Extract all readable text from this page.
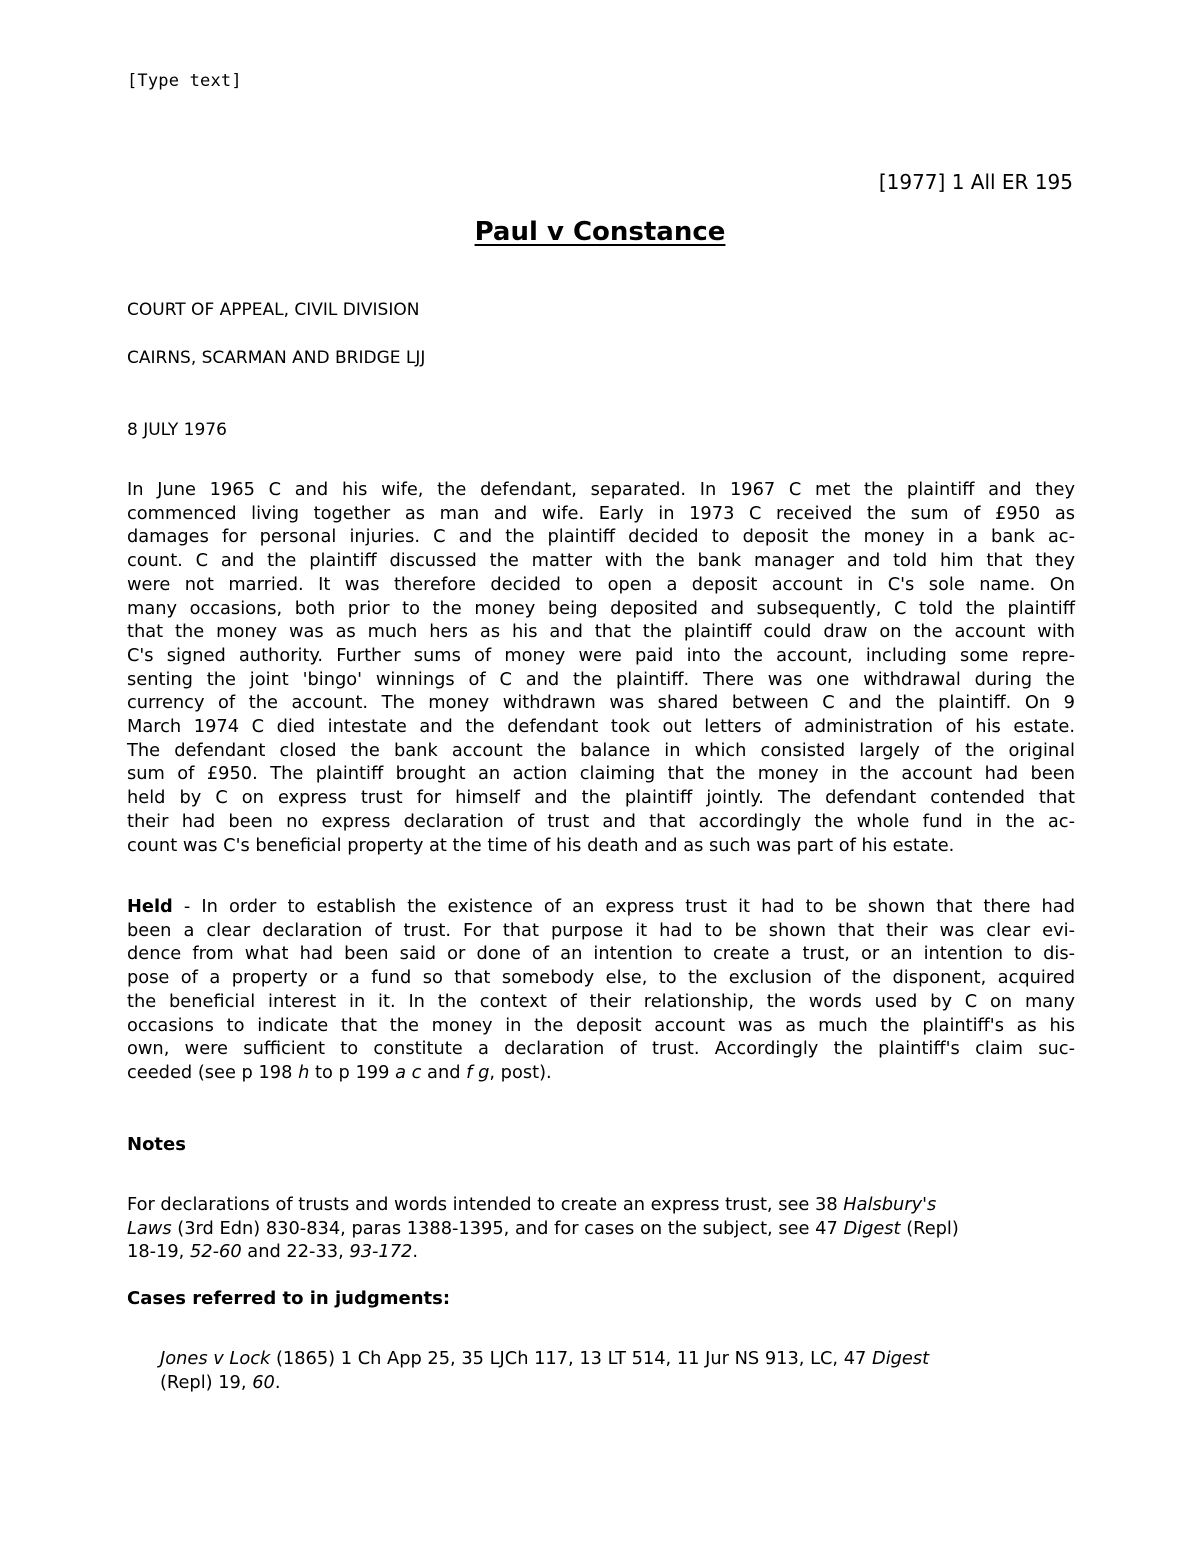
[Type text]
[1977] 1 All ER 195
Paul v Constance
COURT OF APPEAL, CIVIL DIVISION
CAIRNS, SCARMAN AND BRIDGE LJJ
8 JULY 1976
In June 1965 C and his wife, the defendant, separated. In 1967 C met the plaintiff and they
commenced living together as man and wife. Early in 1973 C received the sum of £950 as
damages for personal injuries. C and the plaintiff decided to deposit the money in a bank ac-
count. C and the plaintiff discussed the matter with the bank manager and told him that they
were not married. It was therefore decided to open a deposit account in C's sole name. On
many occasions, both prior to the money being deposited and subsequently, C told the plaintiff
that the money was as much hers as his and that the plaintiff could draw on the account with
C's signed authority. Further sums of money were paid into the account, including some repre-
senting the joint 'bingo' winnings of C and the plaintiff. There was one withdrawal during the
currency of the account. The money withdrawn was shared between C and the plaintiff. On 9
March 1974 C died intestate and the defendant took out letters of administration of his estate.
The defendant closed the bank account the balance in which consisted largely of the original
sum of £950. The plaintiff brought an action claiming that the money in the account had been
held by C on express trust for himself and the plaintiff jointly. The defendant contended that
their had been no express declaration of trust and that accordingly the whole fund in the ac-
count was C's beneficial property at the time of his death and as such was part of his estate.
Held - In order to establish the existence of an express trust it had to be shown that there had
been a clear declaration of trust. For that purpose it had to be shown that their was clear evi-
dence from what had been said or done of an intention to create a trust, or an intention to dis-
pose of a property or a fund so that somebody else, to the exclusion of the disponent, acquired
the beneficial interest in it. In the context of their relationship, the words used by C on many
occasions to indicate that the money in the deposit account was as much the plaintiff's as his
own, were sufficient to constitute a declaration of trust. Accordingly the plaintiff's claim suc-
ceeded (see p 198 h to p 199 a c and f g, post).
Notes
For declarations of trusts and words intended to create an express trust, see 38 Halsbury's
Laws (3rd Edn) 830-834, paras 1388-1395, and for cases on the subject, see 47 Digest (Repl)
18-19, 52-60 and 22-33, 93-172.
Cases referred to in judgments:
Jones v Lock (1865) 1 Ch App 25, 35 LJCh 117, 13 LT 514, 11 Jur NS 913, LC, 47 Digest
(Repl) 19, 60.
